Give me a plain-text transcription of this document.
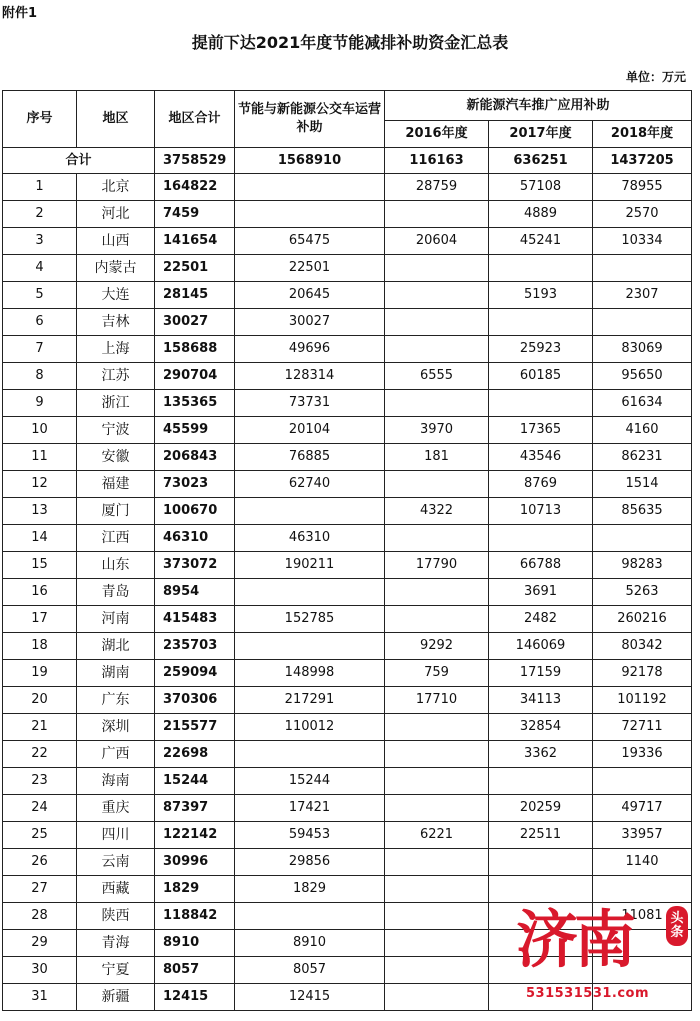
附件1
提前下达2021年度节能减排补助资金汇总表
单位：万元
序号	地区	地区合计	节能与新能源公交车运营补助	新能源汽车推广应用补助		
				2016年度	2017年度	2018年度
合计		3758529	1568910	116163	636251	1437205
1	北京	164822		28759	57108	78955
2	河北	7459			4889	2570
3	山西	141654	65475	20604	45241	10334
4	内蒙古	22501	22501			
5	大连	28145	20645		5193	2307
6	吉林	30027	30027			
7	上海	158688	49696		25923	83069
8	江苏	290704	128314	6555	60185	95650
9	浙江	135365	73731			61634
10	宁波	45599	20104	3970	17365	4160
11	安徽	206843	76885	181	43546	86231
12	福建	73023	62740		8769	1514
13	厦门	100670		4322	10713	85635
14	江西	46310	46310			
15	山东	373072	190211	17790	66788	98283
16	青岛	8954			3691	5263
17	河南	415483	152785		2482	260216
18	湖北	235703		9292	146069	80342
19	湖南	259094	148998	759	17159	92178
20	广东	370306	217291	17710	34113	101192
21	深圳	215577	110012		32854	72711
22	广西	22698			3362	19336
23	海南	15244	15244			
24	重庆	87397	17421		20259	49717
25	四川	122142	59453	6221	22511	33957
26	云南	30996	29856			1140
27	西藏	1829	1829			
28	陕西	118842				11081
29	青海	8910	8910			
30	宁夏	8057	8057			
31	新疆	12415	12415			
济南	头条
531531531.com
